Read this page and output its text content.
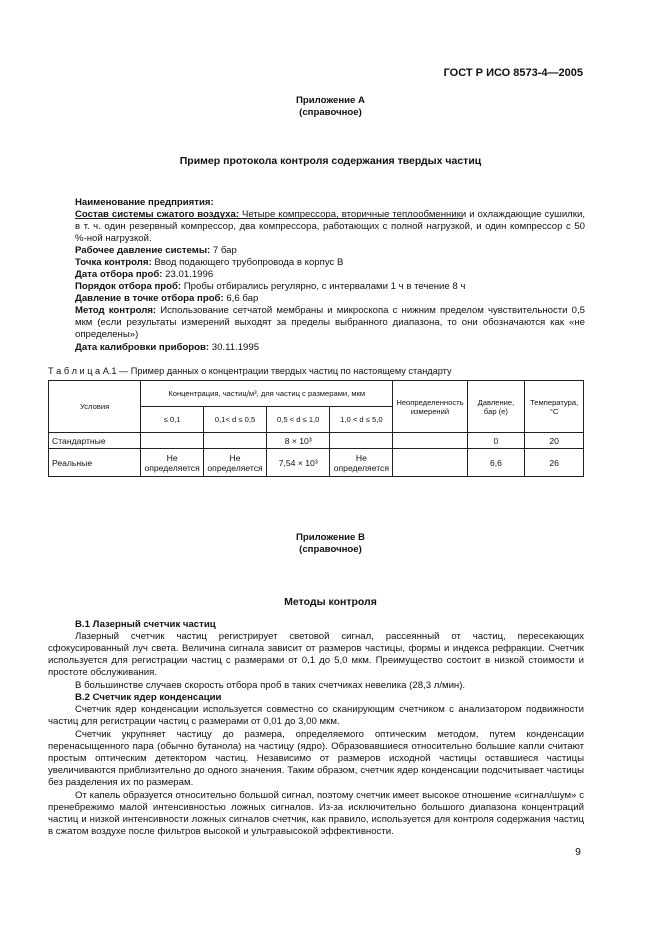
ГОСТ Р ИСО 8573-4—2005
Приложение А
(справочное)
Пример протокола контроля содержания твердых частиц
Наименование предприятия:
Состав системы сжатого воздуха: Четыре компрессора, вторичные теплообменники и охлаждающие сушилки, в т. ч. один резервный компрессор, два компрессора, работающих с полной нагрузкой, и один компрессор с 50 %-ной нагрузкой.
Рабочее давление системы: 7 бар
Точка контроля: Ввод подающего трубопровода в корпус В
Дата отбора проб: 23.01.1996
Порядок отбора проб: Пробы отбирались регулярно, с интервалами 1 ч в течение 8 ч
Давление в точке отбора проб: 6,6 бар
Метод контроля: Использование сетчатой мембраны и микроскопа с нижним пределом чувствительности 0,5 мкм (если результаты измерений выходят за пределы выбранного диапазона, то они обозначаются как «не определены»)
Дата калибровки приборов: 30.11.1995
Т а б л и ц а А.1 — Пример данных о концентрации твердых частиц по настоящему стандарту
Условия	Концентрация, частиц/м³, для частиц с размерами, мкм				Неопределенность измерений	Давление, бар (е)	Температура, °С
	≤ 0,1	0,1< d ≤ 0,5	0,5 < d ≤ 1,0	1,0 < d ≤ 5,0			
Стандартные			8 × 10³			0	20
Реальные	Не определяется	Не определяется	7,54 × 10³	Не определяется		6,6	26
Приложение В
(справочное)
Методы контроля
В.1 Лазерный счетчик частиц
Лазерный счетчик частиц регистрирует световой сигнал, рассеянный от частиц, пересекающих сфокусированный луч света. Величина сигнала зависит от размеров частицы, формы и индекса рефракции. Счетчик используется для регистрации частиц с размерами от 0,1 до 5,0 мкм. Преимущество состоит в низкой стоимости и простоте обслуживания.
В большинстве случаев скорость отбора проб в таких счетчиках невелика (28,3 л/мин).
В.2 Счетчик ядер конденсации
Счетчик ядер конденсации используется совместно со сканирующим счетчиком с анализатором подвижности частиц для регистрации частиц с размерами от 0,01 до 3,00 мкм.
Счетчик укрупняет частицу до размера, определяемого оптическим методом, путем конденсации перенасыщенного пара (обычно бутанола) на частицу (ядро). Образовавшиеся относительно большие капли считают простым оптическим детектором частиц. Независимо от размеров исходной частицы оставшиеся частицы увеличиваются приблизительно до одного значения. Таким образом, счетчик ядер конденсации подсчитывает частицы без разделения их по размерам.
От капель образуется относительно большой сигнал, поэтому счетчик имеет высокое отношение «сигнал/шум» с пренебрежимо малой интенсивностью ложных сигналов. Из-за исключительно большого диапазона концентраций частиц и низкой интенсивности ложных сигналов счетчик, как правило, используется для контроля содержания частиц в сжатом воздухе после фильтров высокой и ультравысокой эффективности.
9
